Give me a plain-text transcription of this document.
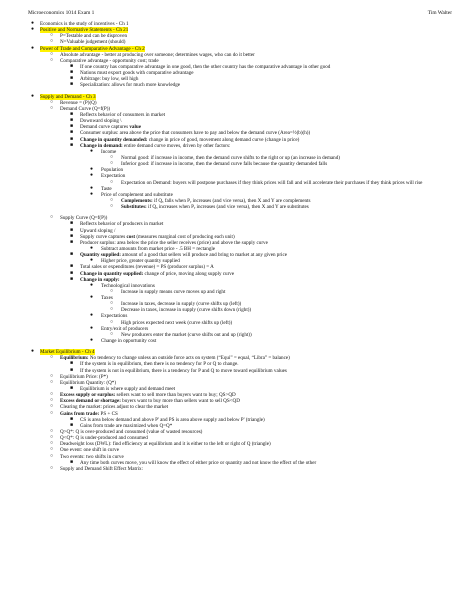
Microeconomics 1014 Exam 1	Tim Walter
● Economics is the study of incentives - Ch 1
● Positive and Normative Statements - Ch 21
○ P=Testable and can be disproven
○ N=Valuable judgement (should)
● Power of Trade and Comparative Advantage - Ch 2
○ Absolute advantage - better at producing over someone; determines wages, who can do it better
○ Comparative advantage - opportunity cost; trade
■ If one country has comparative advantage in one good, then the other country has the comparative advantage in other good
■ Nations must export goods with comparative advantage
■ Arbitrage: buy low, sell high
■ Specialization: allows for much more knowledge
● Supply and Demand - Ch 3
○ Revenue = (P)(Q)
○ Demand Curve (Q=f(P))
■ Reflects behavior of consumers in market
■ Downward sloping \
■ Demand curve captures value
■ Consumer surplus: area above the price that consumers have to pay and below the demand curve (Area=½(b)(h))
■ Change in quantity demanded: change in price of good, movement along demand curve (change in price)
■ Change in demand: entire demand curve moves, driven by other factors:
● Income
○ Normal good: if increase in income, then the demand curve shifts to the right or up (an increase in demand)
○ Inferior good: if increase in income, then the demand curve falls because the quantity demanded falls
● Population
● Expectation
○ Expectation on Demand: buyers will postpone purchases if they think prices will fall and will accelerate their purchases if they think prices will rise
● Taste
● Price of complement and substitute
○ Complements: if Qₓ falls when Pᵧ increases (and vice versa), then X and Y are complements
○ Substitutes: if Qₓ increases when Pᵧ increases (and vice versa), then X and Y are substitutes
○ Supply Curve (Q=f(P))
■ Reflects behavior of producers in market
■ Upward sloping /
■ Supply curve captures cost (measures marginal cost of producing each unit)
■ Producer surplus: area below the price the seller receives (price) and above the supply curve
● Subtract amounts from market price - .5 BH = rectangle
■ Quantity supplied: amount of a good that sellers will produce and bring to market at any given price
● Higher price, greater quantity supplied
■ Total sales or expenditures (revenue) = PS (producer surplus) = A
■ Change in quantity supplied: change of price, moving along supply curve
■ Change in supply:
● Technological innovations
○ Increase in supply means curve moves up and right
● Taxes
○ Increase in taxes, decrease in supply (curve shifts up (left))
○ Decrease in taxes, increase in supply (curve shifts down (right))
● Expectations
○ High prices expected next week (curve shifts up (left))
● Entry/exit of producers
○ New producers enter the market (curve shifts out and up (right))
● Change in opportunity cost
● Market Equilibrium - Ch 4
○ Equilibrium: No tendency to change unless an outside force acts on system (“Equi” = equal, “Libra” = balance)
■ If the system is in equilibrium, then there is no tendency for P or Q to change.
■ If the system is not in equilibrium, there is a tendency for P and Q to move toward equilibrium values
○ Equilibrium Price: (P*)
○ Equilibrium Quantity: (Q*)
■ Equilibrium is where supply and demand meet
○ Excess supply or surplus: sellers want to sell more than buyers want to buy; QS>QD
○ Excess demand or shortage: buyers want to buy more than sellers want to sell QS<QD
○ Clearing the market: prices adjust to clear the market
○ Gains from trade: PS + CS
■ CS is area below demand and above P' and PS is area above supply and below P' (triangle)
■ Gains from trade are maximized when Q=Q*
○ Q>Q*: Q is over-produced and consumed (value of wasted resources)
○ Q<Q*: Q is under-produced and consumed
○ Deadweight loss (DWL): find efficiency at equilibrium and it is either to the left or right of Q (triangle)
○ One event: one shift in curve
○ Two events: two shifts in curve
■ Any time both curves move, you will know the effect of either price or quantity and not know the effect of the other
○ Supply and Demand Shift Effect Matrix:
